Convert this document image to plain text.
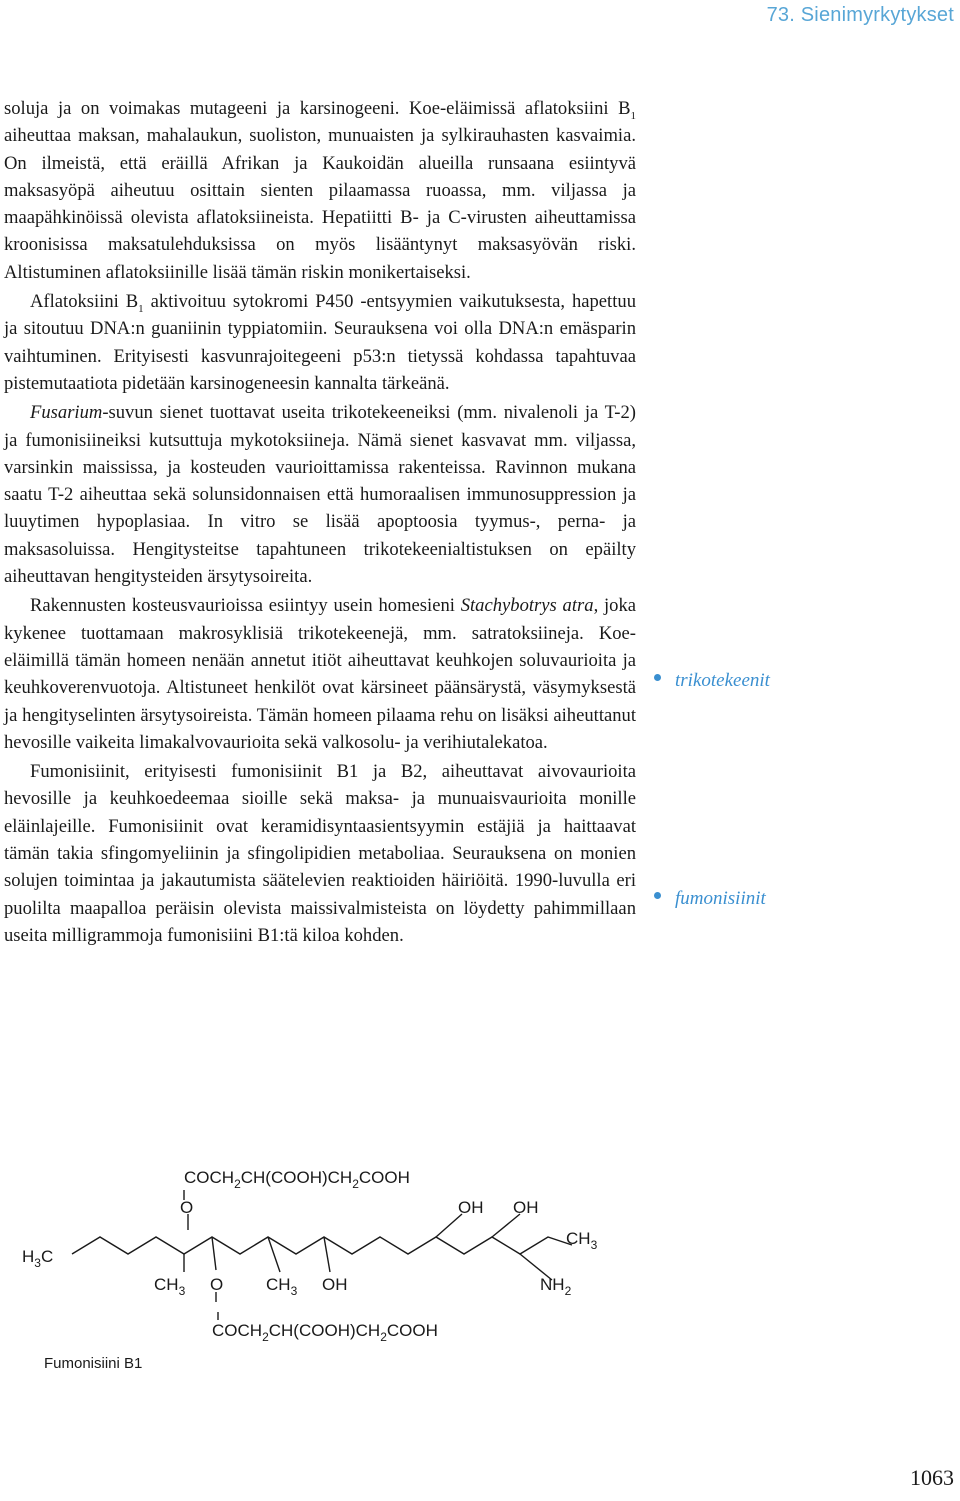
73. Sienimyrkytykset

soluja ja on voimakas mutageeni ja karsinogeeni. Koe-eläimissä aflatoksiini $B_1$ aiheuttaa maksan, mahalaukun, suoliston, munuaisten ja sylkirauhasten kasvaimia. On ilmeistä, että eräillä Afrikan ja Kaukoidän alueilla runsaana esiintyvä maksasyöpä aiheutuu osittain sienten pilaamassa ruoassa, mm. viljassa ja maapähkinöissä olevista aflatoksiineista. Hepatiitti B- ja C-virusten aiheuttamissa kroonisissa maksatulehduksissa on myös lisääntynyt maksasyövän riski. Altistuminen aflatoksiinille lisää tämän riskin monikertaiseksi.

Aflatoksiini $B_1$ aktivoituu sytokromi P450 -entsyymien vaikutuksesta, hapettuu ja sitoutuu DNA:n guaniinin typpiatomiin. Seurauksena voi olla DNA:n emäsparin vaihtuminen. Erityisesti kasvunrajoitegeeni p53:n tietyssä kohdassa tapahtuvaa pistemutaatiota pidetään karsinogeneesin kannalta tärkeänä.

Fusarium-suvun sienet tuottavat useita trikotekeeneiksi (mm. nivalenoli ja T-2) ja fumonisiineiksi kutsuttuja mykotoksiineja. Nämä sienet kasvavat mm. viljassa, varsinkin maississa, ja kosteuden vaurioittamissa rakenteissa. Ravinnon mukana saatu T-2 aiheuttaa sekä solunsidonnaisen että humoraalisen immunosuppression ja luuytimen hypoplasiaa. In vitro se lisää apoptoosia tyymus-, perna- ja maksasoluissa. Hengitysteitse tapahtuneen trikotekeenialtistuksen on epäilty aiheuttavan hengitysteiden ärsytysoireita.

Rakennusten kosteusvaurioissa esiintyy usein homesieni Stachybotrys atra, joka kykenee tuottamaan makrosyklisiä trikotekeenejä, mm. satratoksiineja. Koe-eläimillä tämän homeen nenään annetut itiöt aiheuttavat keuhkojen soluvaurioita ja keuhkoverenvuotoja. Altistuneet henkilöt ovat kärsineet päänsärystä, väsymyksestä ja hengityselinten ärsytysoireista. Tämän homeen pilaama rehu on lisäksi aiheuttanut hevosille vaikeita limakalvovaurioita sekä valkosolu- ja verihiutalekatoa.

Fumonisiinit, erityisesti fumonisiinit B1 ja B2, aiheuttavat aivovaurioita hevosille ja keuhkoedeemaa sioille sekä maksa- ja munuaisvaurioita monille eläinlajeille. Fumonisiinit ovat keramidisyntaasientsyymin estäjiä ja haittaavat tämän takia sfingomyeliinin ja sfingolipidien metaboliaa. Seurauksena on monien solujen toimintaa ja jakautumista säätelevien reaktioiden häiriöitä. 1990-luvulla eri puolilta maapalloa peräisin olevista maissivalmisteista on löydetty pahimmillaan useita milligrammoja fumonisiini B1:tä kiloa kohden.

trikotekeenit
fumonisiinit
$COCH_2CH(COOH)CH_2COOH$
O	OH OH
$CH_3$
$H_3C$
$CH_3$ O	$CH_3$ OH	$NH_2$
$COCH_2CH(COOH)CH_2COOH$
Fumonisiini B1
1063
